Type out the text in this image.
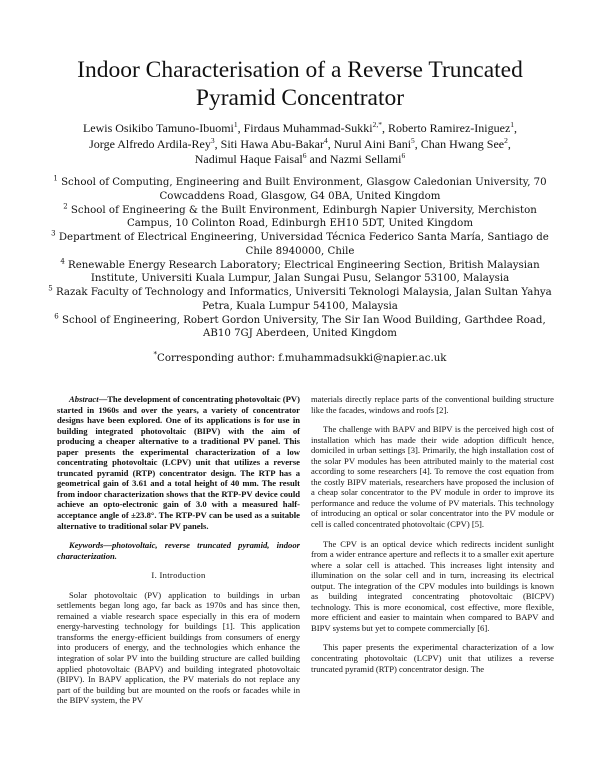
Indoor Characterisation of a Reverse Truncated
Pyramid Concentrator
Lewis Osikibo Tamuno-Ibuomi$^1$, Firdaus Muhammad-Sukki$^{2,*}$, Roberto Ramirez-Iniguez$^1$,
Jorge Alfredo Ardila-Rey$^3$, Siti Hawa Abu-Bakar$^4$, Nurul Aini Bani$^5$, Chan Hwang See$^2$,
Nadimul Haque Faisal$^6$ and Nazmi Sellami$^6$

$^1$ School of Computing, Engineering and Built Environment, Glasgow Caledonian University, 70 Cowcaddens Road, Glasgow, G4 0BA, United Kingdom

$^2$ School of Engineering & the Built Environment, Edinburgh Napier University, Merchiston Campus, 10 Colinton Road, Edinburgh EH10 5DT, United Kingdom

$^3$ Department of Electrical Engineering, Universidad Técnica Federico Santa María, Santiago de Chile 8940000, Chile

$^4$ Renewable Energy Research Laboratory; Electrical Engineering Section, British Malaysian Institute, Universiti Kuala Lumpur, Jalan Sungai Pusu, Selangor 53100, Malaysia

$^5$ Razak Faculty of Technology and Informatics, Universiti Teknologi Malaysia, Jalan Sultan Yahya Petra, Kuala Lumpur 54100, Malaysia

$^6$ School of Engineering, Robert Gordon University, The Sir Ian Wood Building, Garthdee Road, AB10 7GJ Aberdeen, United Kingdom

*Corresponding author: f.muhammadsukki@napier.ac.uk

Abstract—The development of concentrating photovoltaic (PV) started in 1960s and over the years, a variety of concentrator designs have been explored. One of its applications is for use in building integrated photovoltaic (BIPV) with the aim of producing a cheaper alternative to a traditional PV panel. This paper presents the experimental characterization of a low concentrating photovoltaic (LCPV) unit that utilizes a reverse truncated pyramid (RTP) concentrator design. The RTP has a geometrical gain of 3.61 and a total height of 40 mm. The result from indoor characterization shows that the RTP-PV device could achieve an opto-electronic gain of 3.0 with a measured half-acceptance angle of ±23.8°. The RTP-PV can be used as a suitable alternative to traditional solar PV panels.

Keywords—photovoltaic, reverse truncated pyramid, indoor characterization.

I. Introduction

Solar photovoltaic (PV) application to buildings in urban settlements began long ago, far back as 1970s and has since then, remained a viable research space especially in this era of modern energy-harvesting technology for buildings [1]. This application transforms the energy-efficient buildings from consumers of energy into producers of energy, and the technologies which enhance the integration of solar PV into the building structure are called building applied photovoltaic (BAPV) and building integrated photovoltaic (BIPV). In BAPV application, the PV materials do not replace any part of the building but are mounted on the roofs or facades while in the BIPV system, the PV

materials directly replace parts of the conventional building structure like the facades, windows and roofs [2].

The challenge with BAPV and BIPV is the perceived high cost of installation which has made their wide adoption difficult hence, domiciled in urban settings [3]. Primarily, the high installation cost of the solar PV modules has been attributed mainly to the material cost according to some researchers [4]. To remove the cost equation from the costly BIPV materials, researchers have proposed the inclusion of a cheap solar concentrator to the PV module in order to improve its performance and reduce the volume of PV materials. This technology of introducing an optical or solar concentrator into the PV module or cell is called concentrated photovoltaic (CPV) [5].

The CPV is an optical device which redirects incident sunlight from a wider entrance aperture and reflects it to a smaller exit aperture where a solar cell is attached. This increases light intensity and illumination on the solar cell and in turn, increasing its electrical output. The integration of the CPV modules into buildings is known as building integrated concentrating photovoltaic (BICPV) technology. This is more economical, cost effective, more flexible, more efficient and easier to maintain when compared to BAPV and BIPV systems but yet to compete commercially [6].

This paper presents the experimental characterization of a low concentrating photovoltaic (LCPV) unit that utilizes a reverse truncated pyramid (RTP) concentrator design. The
